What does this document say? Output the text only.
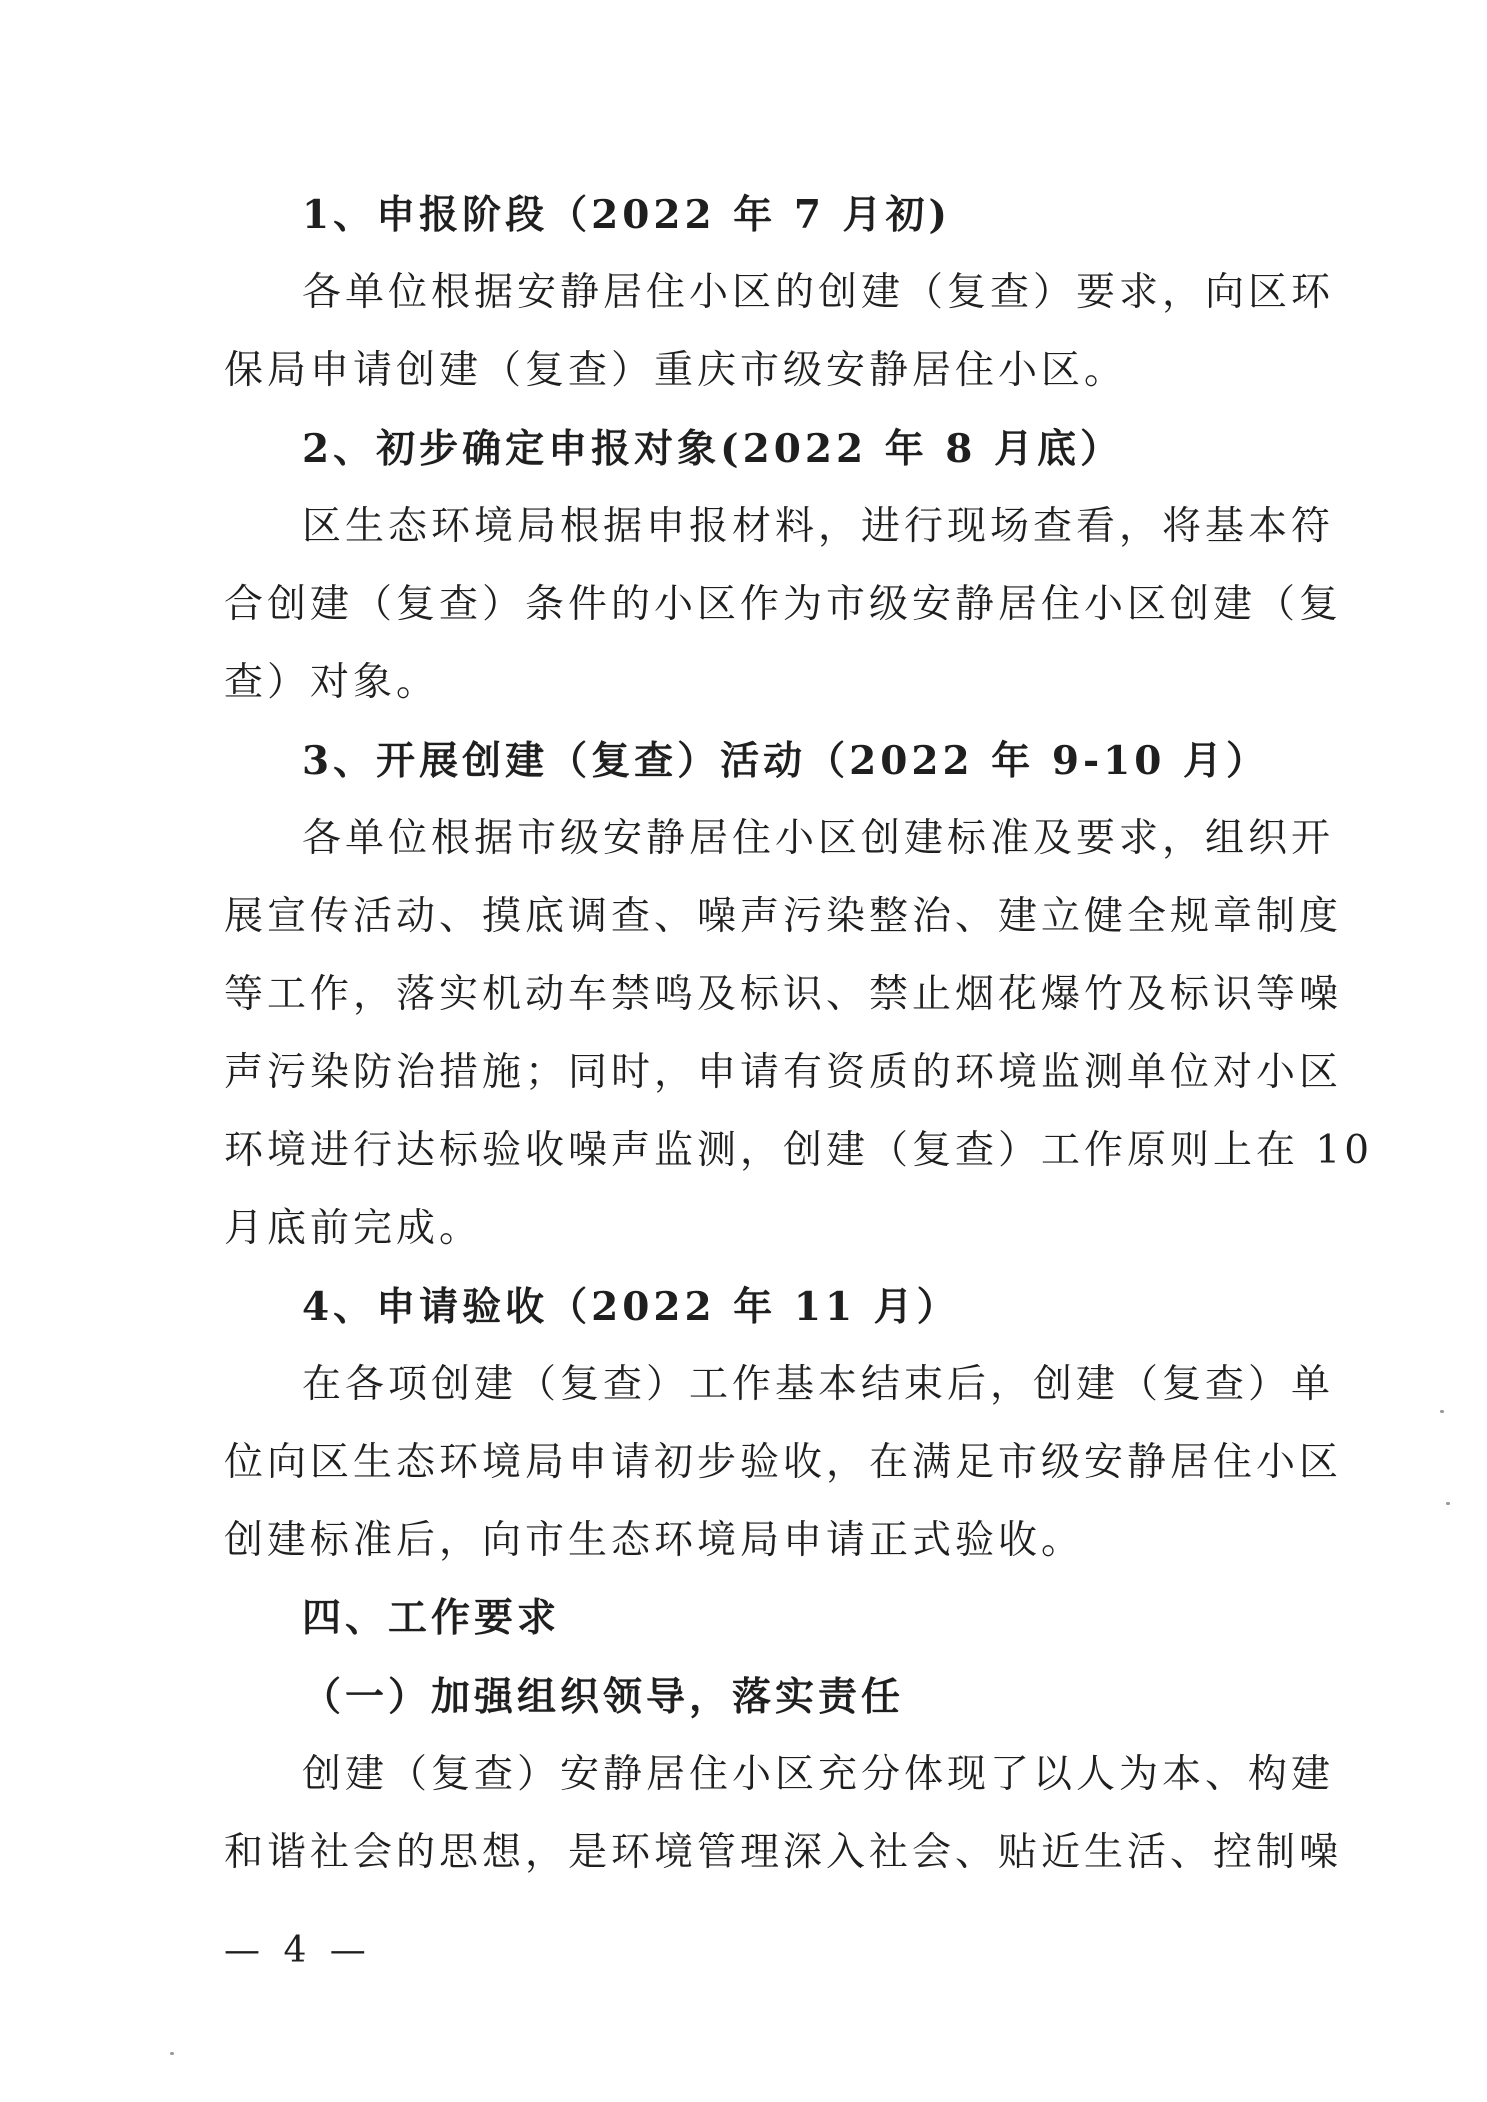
1、申报阶段（2022 年 7 月初)
各单位根据安静居住小区的创建（复查）要求，向区环
保局申请创建（复查）重庆市级安静居住小区。
2、初步确定申报对象(2022 年 8 月底）
区生态环境局根据申报材料，进行现场查看，将基本符
合创建（复查）条件的小区作为市级安静居住小区创建（复
查）对象。
3、开展创建（复查）活动（2022 年 9-10 月）
各单位根据市级安静居住小区创建标准及要求，组织开
展宣传活动、摸底调查、噪声污染整治、建立健全规章制度
等工作，落实机动车禁鸣及标识、禁止烟花爆竹及标识等噪
声污染防治措施；同时，申请有资质的环境监测单位对小区
环境进行达标验收噪声监测，创建（复查）工作原则上在 10
月底前完成。
4、申请验收（2022 年 11 月）
在各项创建（复查）工作基本结束后，创建（复查）单
位向区生态环境局申请初步验收，在满足市级安静居住小区
创建标准后，向市生态环境局申请正式验收。
四、工作要求
（一）加强组织领导，落实责任
创建（复查）安静居住小区充分体现了以人为本、构建
和谐社会的思想，是环境管理深入社会、贴近生活、控制噪
— 4 —
